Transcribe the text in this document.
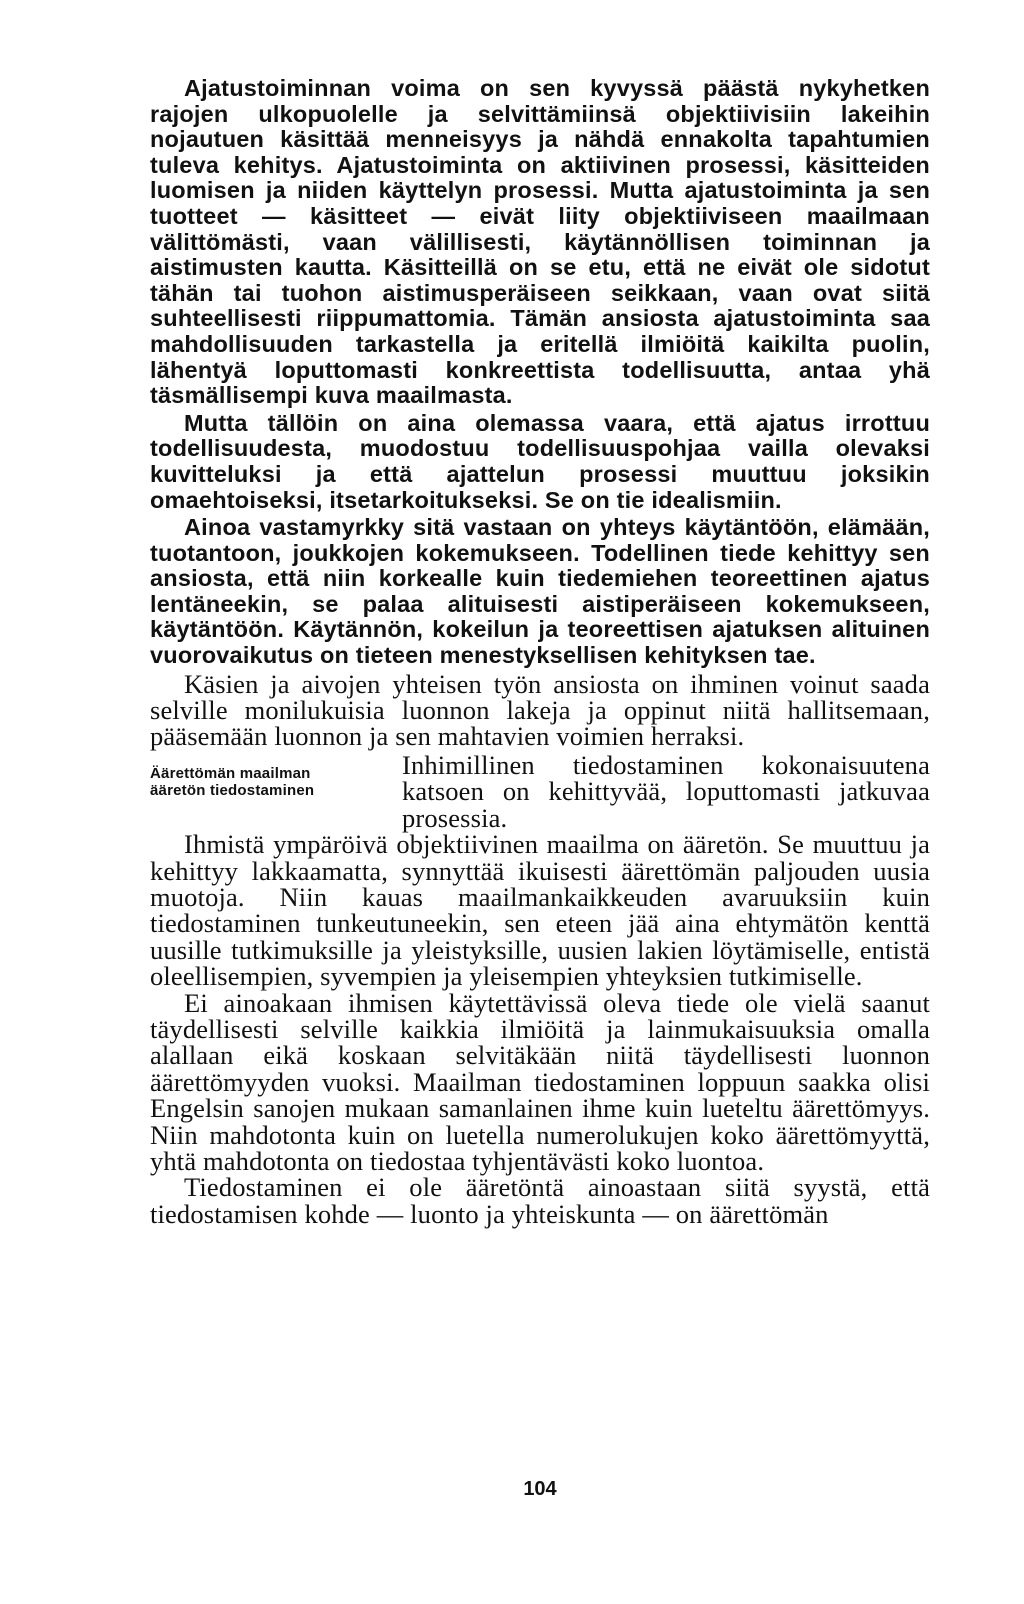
Ajatustoiminnan voima on sen kyvyssä päästä nykyhetken rajojen ulkopuolelle ja selvittämiinsä objektiivisiin lakeihin nojautuen käsittää menneisyys ja nähdä ennakolta tapahtumien tuleva kehitys. Ajatustoiminta on aktiivinen prosessi, käsitteiden luomisen ja niiden käyttelyn prosessi. Mutta ajatustoiminta ja sen tuotteet — käsitteet — eivät liity objektiiviseen maailmaan välittömästi, vaan välillisesti, käytännöllisen toiminnan ja aistimusten kautta. Käsitteillä on se etu, että ne eivät ole sidotut tähän tai tuohon aistimusperäiseen seikkaan, vaan ovat siitä suhteellisesti riippumattomia. Tämän ansiosta ajatustoiminta saa mahdollisuuden tarkastella ja eritellä ilmiöitä kaikilta puolin, lähentyä loputtomasti konkreettista todellisuutta, antaa yhä täsmällisempi kuva maailmasta.

Mutta tällöin on aina olemassa vaara, että ajatus irrottuu todellisuudesta, muodostuu todellisuuspohjaa vailla olevaksi kuvitteluksi ja että ajattelun prosessi muuttuu joksikin omaehtoiseksi, itsetarkoitukseksi. Se on tie idealismiin.

Ainoa vastamyrkky sitä vastaan on yhteys käytäntöön, elämään, tuotantoon, joukkojen kokemukseen. Todellinen tiede kehittyy sen ansiosta, että niin korkealle kuin tiedemiehen teoreettinen ajatus lentäneekin, se palaa alituisesti aistiperäiseen kokemukseen, käytäntöön. Käytännön, kokeilun ja teoreettisen ajatuksen alituinen vuorovaikutus on tieteen menestyksellisen kehityksen tae.

Käsien ja aivojen yhteisen työn ansiosta on ihminen voinut saada selville monilukuisia luonnon lakeja ja oppinut niitä hallitsemaan, pääsemään luonnon ja sen mahtavien voimien herraksi.

Äärettömän maailman
ääretön tiedostaminen
Inhimillinen tiedostaminen kokonaisuutena katsoen on kehittyvää, loputtomasti jatkuvaa prosessia.

Ihmistä ympäröivä objektiivinen maailma on ääretön. Se muuttuu ja kehittyy lakkaamatta, synnyttää ikuisesti äärettömän paljouden uusia muotoja. Niin kauas maailmankaikkeuden avaruuksiin kuin tiedostaminen tunkeutuneekin, sen eteen jää aina ehtymätön kenttä uusille tutkimuksille ja yleistyksille, uusien lakien löytämiselle, entistä oleellisempien, syvempien ja yleisempien yhteyksien tutkimiselle.

Ei ainoakaan ihmisen käytettävissä oleva tiede ole vielä saanut täydellisesti selville kaikkia ilmiöitä ja lainmukaisuuksia omalla alallaan eikä koskaan selvitäkään niitä täydellisesti luonnon äärettömyyden vuoksi. Maailman tiedostaminen loppuun saakka olisi Engelsin sanojen mukaan samanlainen ihme kuin lueteltu äärettömyys. Niin mahdotonta kuin on luetella numerolukujen koko äärettömyyttä, yhtä mahdotonta on tiedostaa tyhjentävästi koko luontoa.

Tiedostaminen ei ole ääretöntä ainoastaan siitä syystä, että tiedostamisen kohde — luonto ja yhteiskunta — on äärettömän

104
